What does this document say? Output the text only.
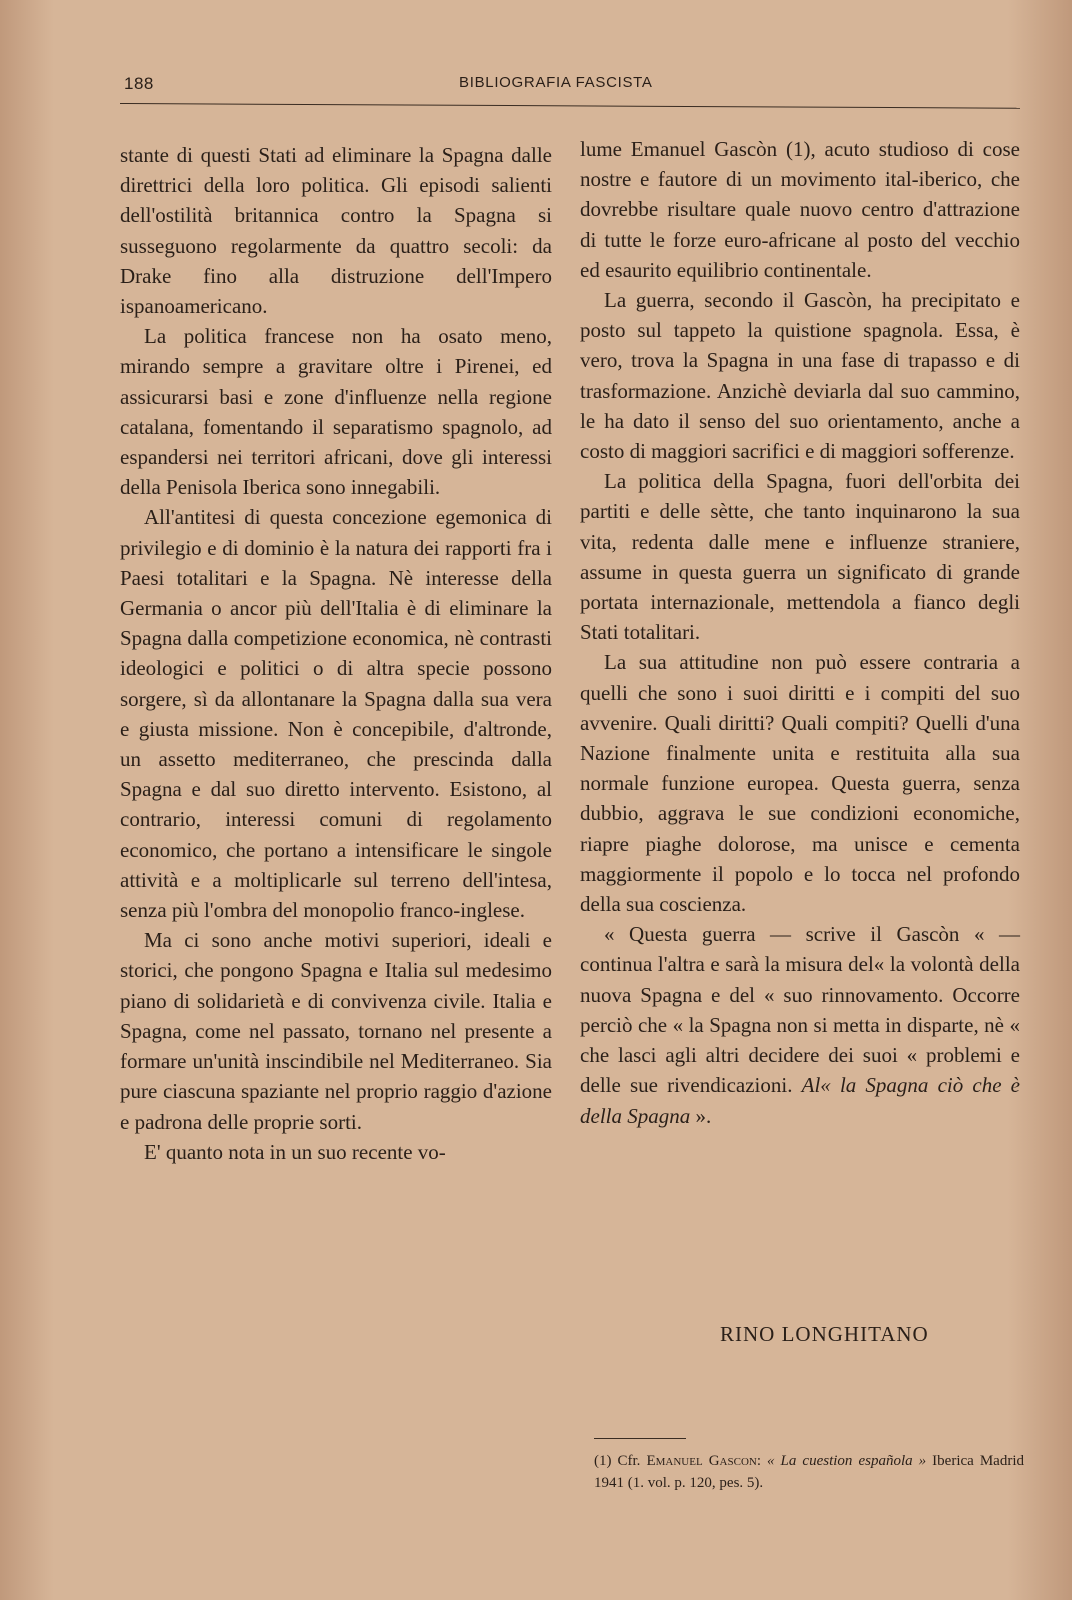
188	BIBLIOGRAFIA FASCISTA

stante di questi Stati ad eliminare la Spagna dalle direttrici della loro politica. Gli episodi salienti dell'ostilità britannica contro la Spagna si susseguono regolarmente da quattro secoli: da Drake fino alla distruzione dell'Impero ispanoamericano.

La politica francese non ha osato meno, mirando sempre a gravitare oltre i Pirenei, ed assicurarsi basi e zone d'influenze nella regione catalana, fomentando il separatismo spagnolo, ad espandersi nei territori africani, dove gli interessi della Penisola Iberica sono innegabili.

All'antitesi di questa concezione egemonica di privilegio e di dominio è la natura dei rapporti fra i Paesi totalitari e la Spagna. Nè interesse della Germania o ancor più dell'Italia è di eliminare la Spagna dalla competizione economica, nè contrasti ideologici e politici o di altra specie possono sorgere, sì da allontanare la Spagna dalla sua vera e giusta missione. Non è concepibile, d'altronde, un assetto mediterraneo, che prescinda dalla Spagna e dal suo diretto intervento. Esistono, al contrario, interessi comuni di regolamento economico, che portano a intensificare le singole attività e a moltiplicarle sul terreno dell'intesa, senza più l'ombra del monopolio franco-inglese.

Ma ci sono anche motivi superiori, ideali e storici, che pongono Spagna e Italia sul medesimo piano di solidarietà e di convivenza civile. Italia e Spagna, come nel passato, tornano nel presente a formare un'unità inscindibile nel Mediterraneo. Sia pure ciascuna spaziante nel proprio raggio d'azione e padrona delle proprie sorti.

E' quanto nota in un suo recente vo-

lume Emanuel Gascòn (1), acuto studioso di cose nostre e fautore di un movimento ital-iberico, che dovrebbe risultare quale nuovo centro d'attrazione di tutte le forze euro-africane al posto del vecchio ed esaurito equilibrio continentale.

La guerra, secondo il Gascòn, ha precipitato e posto sul tappeto la quistione spagnola. Essa, è vero, trova la Spagna in una fase di trapasso e di trasformazione. Anzichè deviarla dal suo cammino, le ha dato il senso del suo orientamento, anche a costo di maggiori sacrifici e di maggiori sofferenze.

La politica della Spagna, fuori dell'orbita dei partiti e delle sètte, che tanto inquinarono la sua vita, redenta dalle mene e influenze straniere, assume in questa guerra un significato di grande portata internazionale, mettendola a fianco degli Stati totalitari.

La sua attitudine non può essere contraria a quelli che sono i suoi diritti e i compiti del suo avvenire. Quali diritti? Quali compiti? Quelli d'una Nazione finalmente unita e restituita alla sua normale funzione europea. Questa guerra, senza dubbio, aggrava le sue condizioni economiche, riapre piaghe dolorose, ma unisce e cementa maggiormente il popolo e lo tocca nel profondo della sua coscienza.

« Questa guerra — scrive il Gascòn « — continua l'altra e sarà la misura del« la volontà della nuova Spagna e del « suo rinnovamento. Occorre perciò che « la Spagna non si metta in disparte, nè « che lasci agli altri decidere dei suoi « problemi e delle sue rivendicazioni. Al« la Spagna ciò che è della Spagna ».

RINO LONGHITANO
(1) Cfr. Emanuel Gascon: « La cuestion española » Iberica Madrid 1941 (1. vol. p. 120, pes. 5).
